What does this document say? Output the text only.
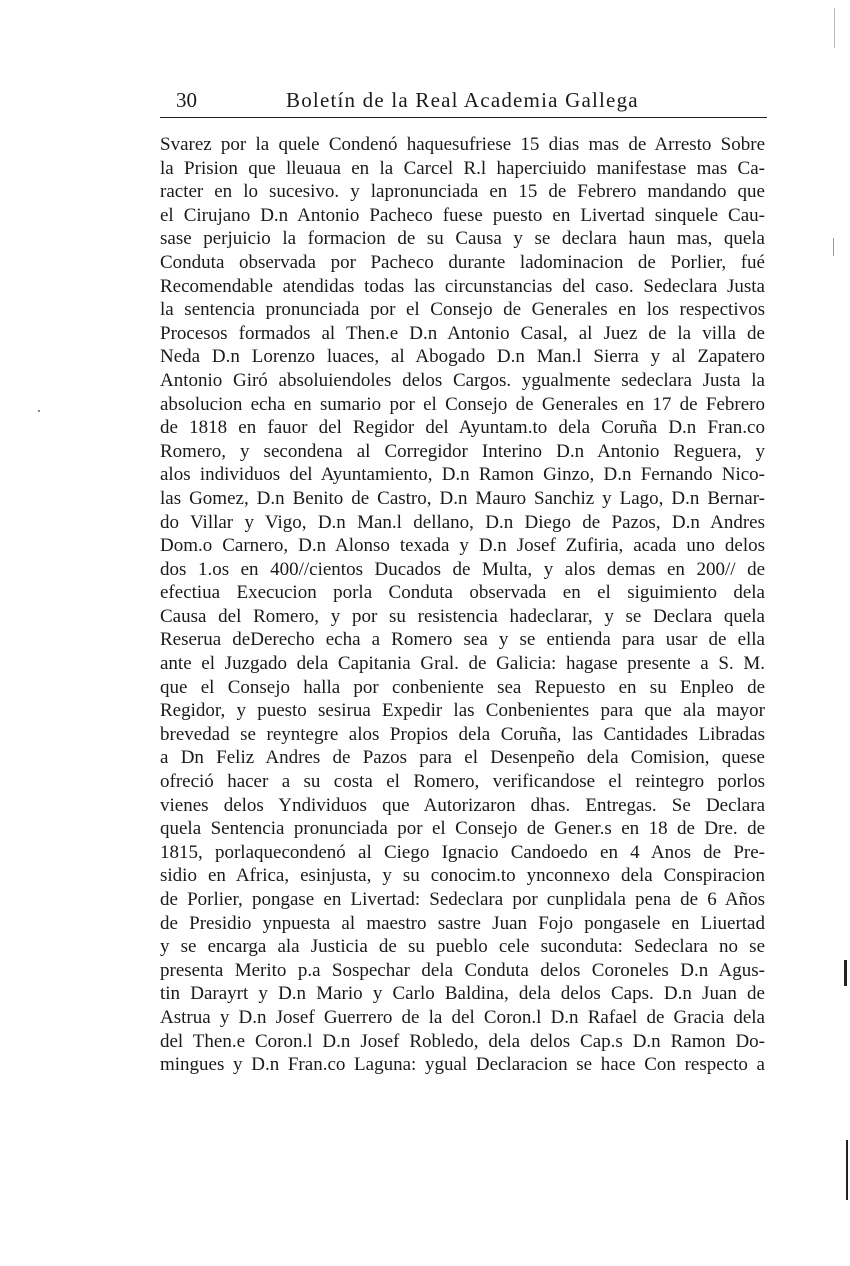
30	Boletín de la Real Academia Gallega
Svarez por la quele Condenó haquesufriese 15 dias mas de Arresto Sobre
la Prision que lleuaua en la Carcel R.l haperciuido manifestase mas Ca-
racter en lo sucesivo. y lapronunciada en 15 de Febrero mandando que
el Cirujano D.n Antonio Pacheco fuese puesto en Livertad sinquele Cau-
sase perjuicio la formacion de su Causa y se declara haun mas, quela
Conduta observada por Pacheco durante ladominacion de Porlier, fué
Recomendable atendidas todas las circunstancias del caso. Sedeclara Justa
la sentencia pronunciada por el Consejo de Generales en los respectivos
Procesos formados al Then.e D.n Antonio Casal, al Juez de la villa de
Neda D.n Lorenzo luaces, al Abogado D.n Man.l Sierra y al Zapatero
Antonio Giró absoluiendoles delos Cargos. ygualmente sedeclara Justa la
absolucion echa en sumario por el Consejo de Generales en 17 de Febrero
de 1818 en fauor del Regidor del Ayuntam.to dela Coruña D.n Fran.co
Romero, y secondena al Corregidor Interino D.n Antonio Reguera, y
alos individuos del Ayuntamiento, D.n Ramon Ginzo, D.n Fernando Nico-
las Gomez, D.n Benito de Castro, D.n Mauro Sanchiz y Lago, D.n Bernar-
do Villar y Vigo, D.n Man.l dellano, D.n Diego de Pazos, D.n Andres
Dom.o Carnero, D.n Alonso texada y D.n Josef Zufiria, acada uno delos
dos 1.os en 400//cientos Ducados de Multa, y alos demas en 200// de
efectiua Execucion porla Conduta observada en el siguimiento dela
Causa del Romero, y por su resistencia hadeclarar, y se Declara quela
Reserua deDerecho echa a Romero sea y se entienda para usar de ella
ante el Juzgado dela Capitania Gral. de Galicia: hagase presente a S. M.
que el Consejo halla por conbeniente sea Repuesto en su Enpleo de
Regidor, y puesto sesirua Expedir las Conbenientes para que ala mayor
brevedad se reyntegre alos Propios dela Coruña, las Cantidades Libradas
a Dn Feliz Andres de Pazos para el Desenpeño dela Comision, quese
ofreció hacer a su costa el Romero, verificandose el reintegro porlos
vienes delos Yndividuos que Autorizaron dhas. Entregas. Se Declara
quela Sentencia pronunciada por el Consejo de Gener.s en 18 de Dre. de
1815, porlaquecondenó al Ciego Ignacio Candoedo en 4 Anos de Pre-
sidio en Africa, esinjusta, y su conocim.to ynconnexo dela Conspiracion
de Porlier, pongase en Livertad: Sedeclara por cunplidala pena de 6 Años
de Presidio ynpuesta al maestro sastre Juan Fojo pongasele en Liuertad
y se encarga ala Justicia de su pueblo cele suconduta: Sedeclara no se
presenta Merito p.a Sospechar dela Conduta delos Coroneles D.n Agus-
tin Darayrt y D.n Mario y Carlo Baldina, dela delos Caps. D.n Juan de
Astrua y D.n Josef Guerrero de la del Coron.l D.n Rafael de Gracia dela
del Then.e Coron.l D.n Josef Robledo, dela delos Cap.s D.n Ramon Do-
mingues y D.n Fran.co Laguna: ygual Declaracion se hace Con respecto a
